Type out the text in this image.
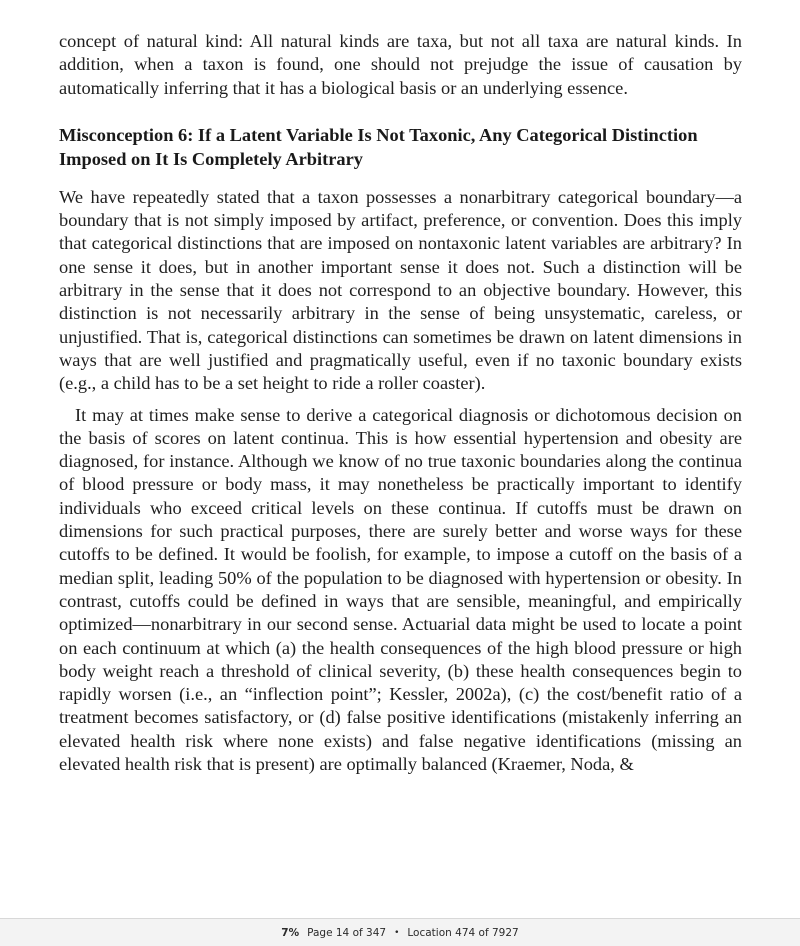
concept of natural kind: All natural kinds are taxa, but not all taxa are natural kinds. In addition, when a taxon is found, one should not prejudge the issue of causation by automatically inferring that it has a biological basis or an underlying essence.

Misconception 6: If a Latent Variable Is Not Taxonic, Any Categorical Distinction Imposed on It Is Completely Arbitrary

We have repeatedly stated that a taxon possesses a nonarbitrary categorical boundary—a boundary that is not simply imposed by artifact, preference, or convention. Does this imply that categorical distinctions that are imposed on nontaxonic latent variables are arbitrary? In one sense it does, but in another important sense it does not. Such a distinction will be arbitrary in the sense that it does not correspond to an objective boundary. However, this distinction is not necessarily arbitrary in the sense of being unsystematic, careless, or unjustified. That is, categorical distinctions can sometimes be drawn on latent dimensions in ways that are well justified and pragmatically useful, even if no taxonic boundary exists (e.g., a child has to be a set height to ride a roller coaster).

It may at times make sense to derive a categorical diagnosis or dichotomous decision on the basis of scores on latent continua. This is how essential hypertension and obesity are diagnosed, for instance. Although we know of no true taxonic boundaries along the continua of blood pressure or body mass, it may nonetheless be practically important to identify individuals who exceed critical levels on these continua. If cutoffs must be drawn on dimensions for such practical purposes, there are surely better and worse ways for these cutoffs to be defined. It would be foolish, for example, to impose a cutoff on the basis of a median split, leading 50% of the population to be diagnosed with hypertension or obesity. In contrast, cutoffs could be defined in ways that are sensible, meaningful, and empirically optimized—nonarbitrary in our second sense. Actuarial data might be used to locate a point on each continuum at which (a) the health consequences of the high blood pressure or high body weight reach a threshold of clinical severity, (b) these health consequences begin to rapidly worsen (i.e., an “inflection point”; Kessler, 2002a), (c) the cost/benefit ratio of a treatment becomes satisfactory, or (d) false positive identifications (mistakenly inferring an elevated health risk where none exists) and false negative identifications (missing an elevated health risk that is present) are optimally balanced (Kraemer, Noda, &

7% Page 14 of 347 • Location 474 of 7927
